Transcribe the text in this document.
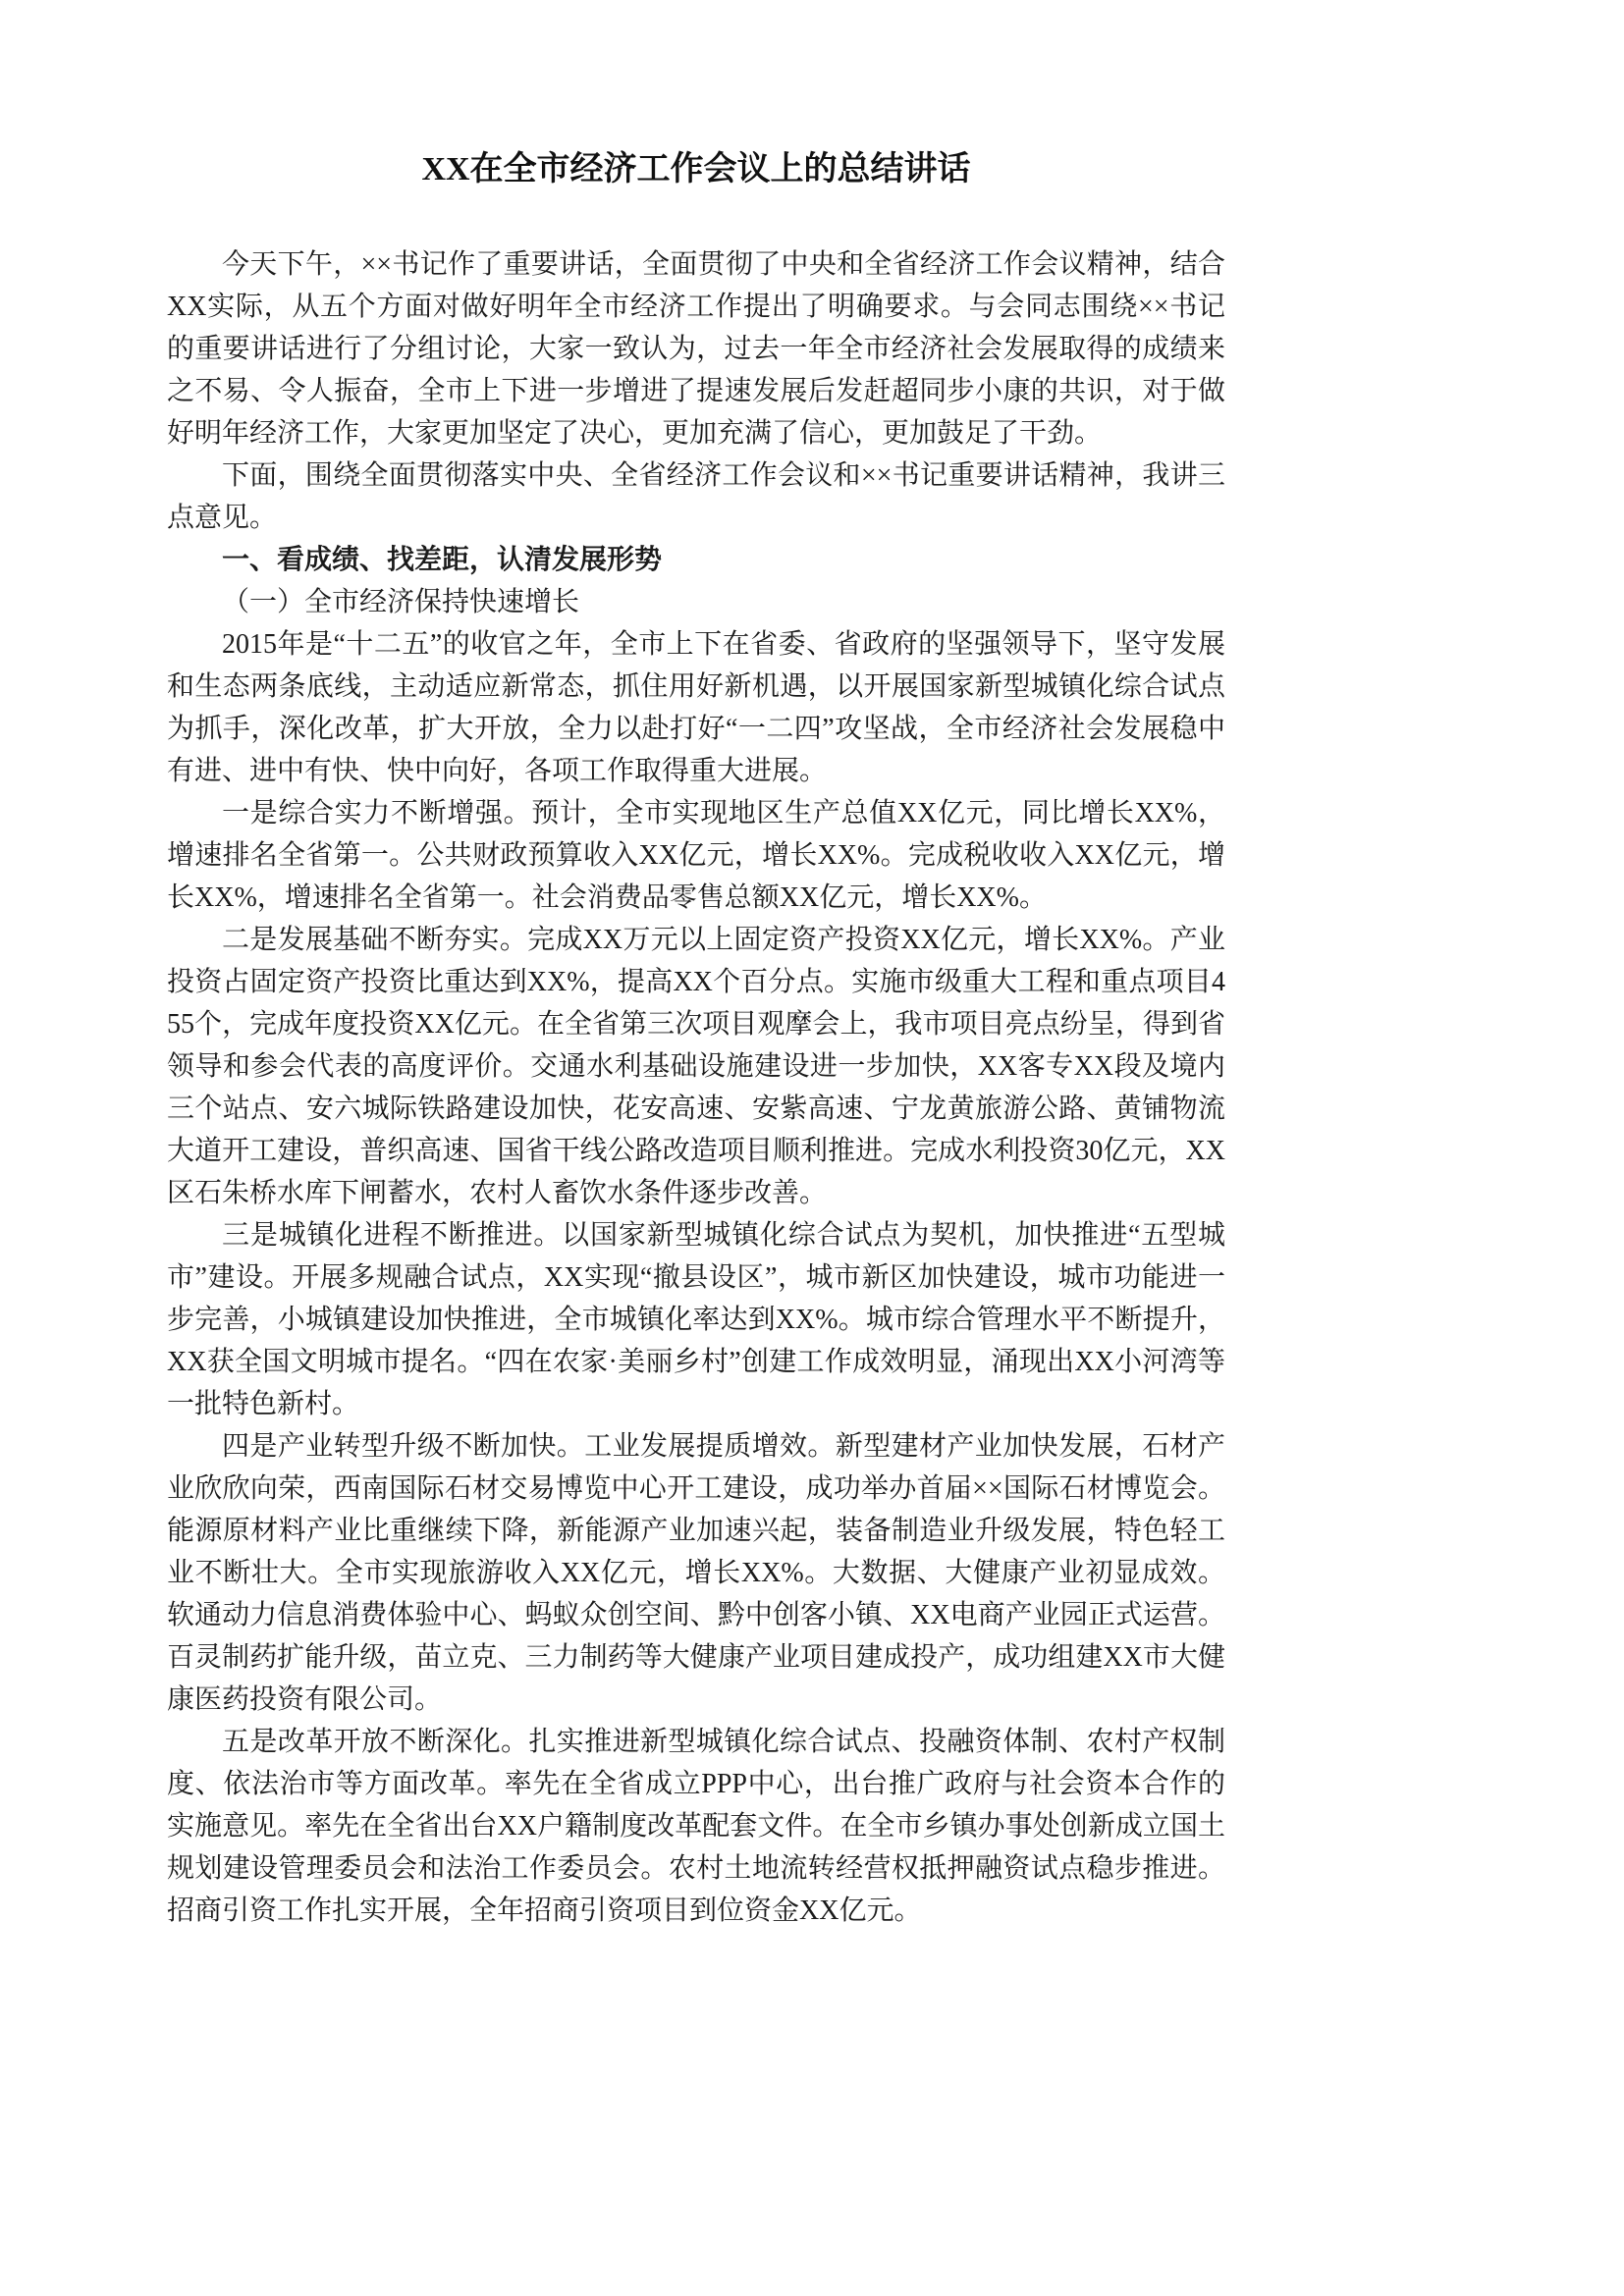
XX在全市经济工作会议上的总结讲话

今天下午，××书记作了重要讲话，全面贯彻了中央和全省经济工作会议精神，结合XX实际，从五个方面对做好明年全市经济工作提出了明确要求。与会同志围绕××书记的重要讲话进行了分组讨论，大家一致认为，过去一年全市经济社会发展取得的成绩来之不易、令人振奋，全市上下进一步增进了提速发展后发赶超同步小康的共识，对于做好明年经济工作，大家更加坚定了决心，更加充满了信心，更加鼓足了干劲。

下面，围绕全面贯彻落实中央、全省经济工作会议和××书记重要讲话精神，我讲三点意见。

一、看成绩、找差距，认清发展形势

（一）全市经济保持快速增长

2015年是“十二五”的收官之年，全市上下在省委、省政府的坚强领导下，坚守发展和生态两条底线，主动适应新常态，抓住用好新机遇，以开展国家新型城镇化综合试点为抓手，深化改革，扩大开放，全力以赴打好“一二四”攻坚战，全市经济社会发展稳中有进、进中有快、快中向好，各项工作取得重大进展。

一是综合实力不断增强。预计，全市实现地区生产总值XX亿元，同比增长XX%，增速排名全省第一。公共财政预算收入XX亿元，增长XX%。完成税收收入XX亿元，增长XX%，增速排名全省第一。社会消费品零售总额XX亿元，增长XX%。

二是发展基础不断夯实。完成XX万元以上固定资产投资XX亿元，增长XX%。产业投资占固定资产投资比重达到XX%，提高XX个百分点。实施市级重大工程和重点项目455个，完成年度投资XX亿元。在全省第三次项目观摩会上，我市项目亮点纷呈，得到省领导和参会代表的高度评价。交通水利基础设施建设进一步加快，XX客专XX段及境内三个站点、安六城际铁路建设加快，花安高速、安紫高速、宁龙黄旅游公路、黄铺物流大道开工建设，普织高速、国省干线公路改造项目顺利推进。完成水利投资30亿元，XX区石朱桥水库下闸蓄水，农村人畜饮水条件逐步改善。

三是城镇化进程不断推进。以国家新型城镇化综合试点为契机，加快推进“五型城市”建设。开展多规融合试点，XX实现“撤县设区”，城市新区加快建设，城市功能进一步完善，小城镇建设加快推进，全市城镇化率达到XX%。城市综合管理水平不断提升，XX获全国文明城市提名。“四在农家·美丽乡村”创建工作成效明显，涌现出XX小河湾等一批特色新村。

四是产业转型升级不断加快。工业发展提质增效。新型建材产业加快发展，石材产业欣欣向荣，西南国际石材交易博览中心开工建设，成功举办首届××国际石材博览会。能源原材料产业比重继续下降，新能源产业加速兴起，装备制造业升级发展，特色轻工业不断壮大。全市实现旅游收入XX亿元，增长XX%。大数据、大健康产业初显成效。软通动力信息消费体验中心、蚂蚁众创空间、黔中创客小镇、XX电商产业园正式运营。百灵制药扩能升级，苗立克、三力制药等大健康产业项目建成投产，成功组建XX市大健康医药投资有限公司。

五是改革开放不断深化。扎实推进新型城镇化综合试点、投融资体制、农村产权制度、依法治市等方面改革。率先在全省成立PPP中心，出台推广政府与社会资本合作的实施意见。率先在全省出台XX户籍制度改革配套文件。在全市乡镇办事处创新成立国土规划建设管理委员会和法治工作委员会。农村土地流转经营权抵押融资试点稳步推进。招商引资工作扎实开展，全年招商引资项目到位资金XX亿元。
